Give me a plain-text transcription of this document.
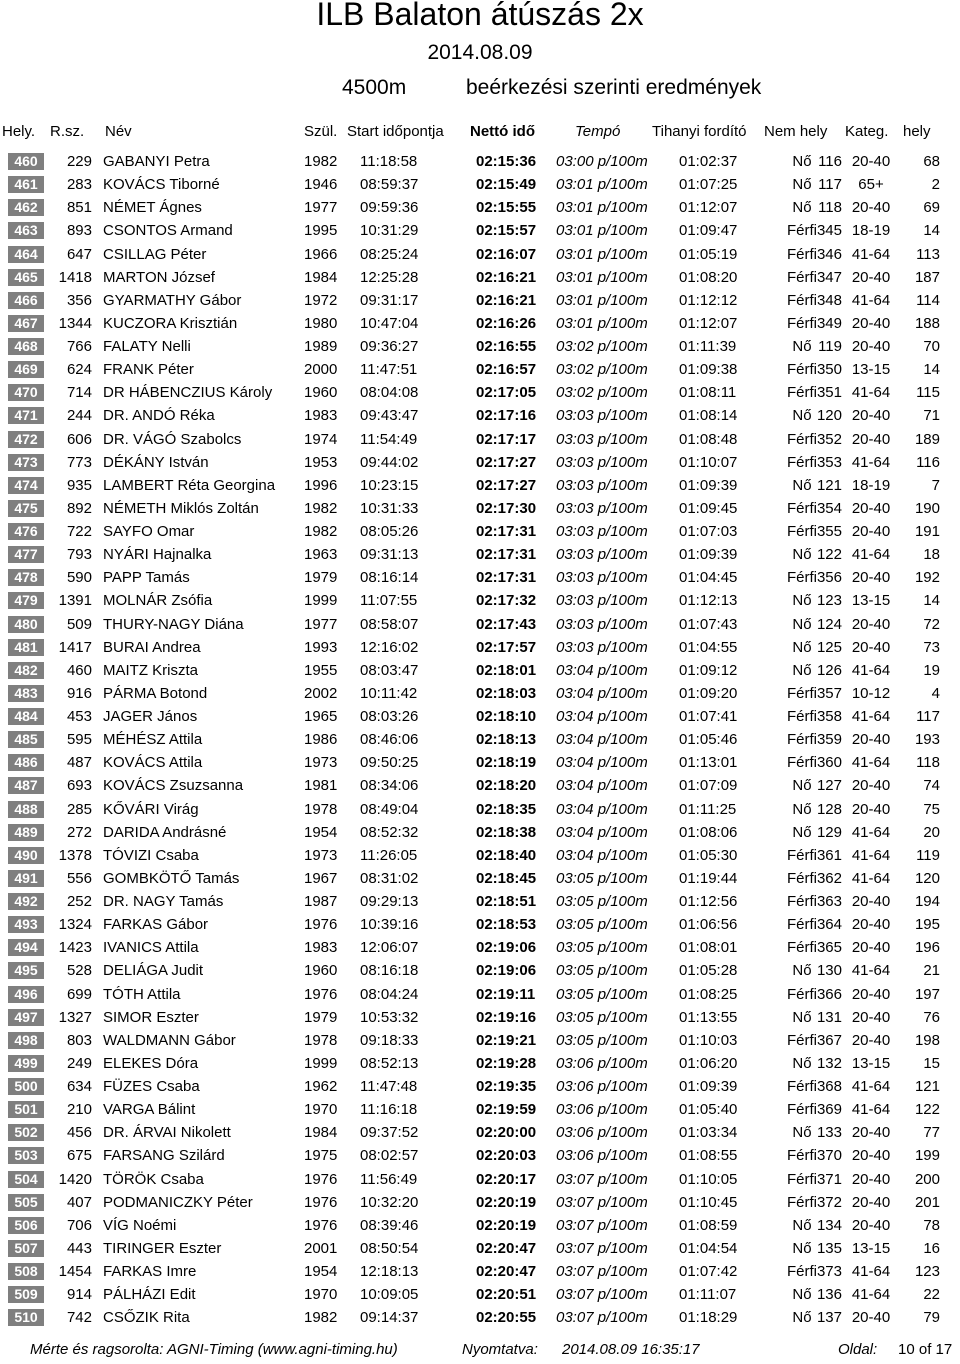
ILB Balaton átúszás 2x
2014.08.09
4500m	beérkezési szerinti eredmények
Hely. R.sz. Név	Szül. Start időpontja Nettó idő	Tempó Tihanyi fordító Nem hely Kateg. hely
460	229 GABANYI Petra	1982 11:18:58	02:15:36 03:00 p/100m 01:02:37	Nő 116 20-40	68
461	283 KOVÁCS Tiborné	1946 08:59:37	02:15:49 03:01 p/100m 01:07:25	Nő 117	65+	2
462	851 NÉMET Ágnes	1977 09:59:36	02:15:55 03:01 p/100m 01:12:07	Nő 118 20-40	69
463	893 CSONTOS Armand	1995 10:31:29	02:15:57 03:01 p/100m 01:09:47	Férfi 345 18-19	14
464	647 CSILLAG Péter	1966 08:25:24	02:16:07 03:01 p/100m 01:05:19	Férfi 346 41-64	113
465	1418 MARTON József	1984 12:25:28	02:16:21 03:01 p/100m 01:08:20	Férfi 347 20-40	187
466	356 GYARMATHY Gábor	1972 09:31:17	02:16:21 03:01 p/100m 01:12:12	Férfi 348 41-64	114
467	1344 KUCZORA Krisztián	1980 10:47:04	02:16:26 03:01 p/100m 01:12:07	Férfi 349 20-40	188
468	766 FALATY Nelli	1989 09:36:27	02:16:55 03:02 p/100m 01:11:39	Nő 119 20-40	70
469	624 FRANK Péter	2000 11:47:51	02:16:57 03:02 p/100m 01:09:38	Férfi 350 13-15	14
470	714 DR HÁBENCZIUS Károly 1960 08:04:08	02:17:05 03:02 p/100m 01:08:11	Férfi 351 41-64	115
471	244 DR. ANDÓ Réka	1983 09:43:47	02:17:16 03:03 p/100m 01:08:14	Nő 120 20-40	71
472	606 DR. VÁGÓ Szabolcs	1974 11:54:49	02:17:17 03:03 p/100m 01:08:48	Férfi 352 20-40	189
473	773 DÉKÁNY István	1953 09:44:02	02:17:27 03:03 p/100m 01:10:07	Férfi 353 41-64	116
474	935 LAMBERT Réta Georgina 1996 10:23:15	02:17:27 03:03 p/100m 01:09:39	Nő 121 18-19	7
475	892 NÉMETH Miklós Zoltán	1982 10:31:33	02:17:30 03:03 p/100m 01:09:45	Férfi 354 20-40	190
476	722 SAYFO Omar	1982 08:05:26	02:17:31 03:03 p/100m 01:07:03	Férfi 355 20-40	191
477	793 NYÁRI Hajnalka	1963 09:31:13	02:17:31 03:03 p/100m 01:09:39	Nő 122 41-64	18
478	590 PAPP Tamás	1979 08:16:14	02:17:31 03:03 p/100m 01:04:45	Férfi 356 20-40	192
479	1391 MOLNÁR Zsófia	1999 11:07:55	02:17:32 03:03 p/100m 01:12:13	Nő 123 13-15	14
480	509 THURY-NAGY Diána	1977 08:58:07	02:17:43 03:03 p/100m 01:07:43	Nő 124 20-40	72
481	1417 BURAI Andrea	1993 12:16:02	02:17:57 03:03 p/100m 01:04:55	Nő 125 20-40	73
482	460 MAITZ Kriszta	1955 08:03:47	02:18:01 03:04 p/100m 01:09:12	Nő 126 41-64	19
483	916 PÁRMA Botond	2002 10:11:42	02:18:03 03:04 p/100m 01:09:20	Férfi 357 10-12	4
484	453 JAGER János	1965 08:03:26	02:18:10 03:04 p/100m 01:07:41	Férfi 358 41-64	117
485	595 MÉHÉSZ Attila	1986 08:46:06	02:18:13 03:04 p/100m 01:05:46	Férfi 359 20-40	193
486	487 KOVÁCS Attila	1973 09:50:25	02:18:19 03:04 p/100m 01:13:01	Férfi 360 41-64	118
487	693 KOVÁCS Zsuzsanna	1981 08:34:06	02:18:20 03:04 p/100m 01:07:09	Nő 127 20-40	74
488	285 KŐVÁRI Virág	1978 08:49:04	02:18:35 03:04 p/100m 01:11:25	Nő 128 20-40	75
489	272 DARIDA Andrásné	1954 08:52:32	02:18:38 03:04 p/100m 01:08:06	Nő 129 41-64	20
490	1378 TÓVIZI Csaba	1973 11:26:05	02:18:40 03:04 p/100m 01:05:30	Férfi 361 41-64	119
491	556 GOMBKÖTŐ Tamás	1967 08:31:02	02:18:45 03:05 p/100m 01:19:44	Férfi 362 41-64	120
492	252 DR. NAGY Tamás	1987 09:29:13	02:18:51 03:05 p/100m 01:12:56	Férfi 363 20-40	194
493	1324 FARKAS Gábor	1976 10:39:16	02:18:53 03:05 p/100m 01:06:56	Férfi 364 20-40	195
494	1423 IVANICS Attila	1983 12:06:07	02:19:06 03:05 p/100m 01:08:01	Férfi 365 20-40	196
495	528 DELIÁGA Judit	1960 08:16:18	02:19:06 03:05 p/100m 01:05:28	Nő 130 41-64	21
496	699 TÓTH Attila	1976 08:04:24	02:19:11 03:05 p/100m 01:08:25	Férfi 366 20-40	197
497	1327 SIMOR Eszter	1979 10:53:32	02:19:16 03:05 p/100m 01:13:55	Nő 131 20-40	76
498	803 WALDMANN Gábor	1978 09:18:33	02:19:21 03:05 p/100m 01:10:03	Férfi 367 20-40	198
499	249 ELEKES Dóra	1999 08:52:13	02:19:28 03:06 p/100m 01:06:20	Nő 132 13-15	15
500	634 FÜZES Csaba	1962 11:47:48	02:19:35 03:06 p/100m 01:09:39	Férfi 368 41-64	121
501	210 VARGA Bálint	1970 11:16:18	02:19:59 03:06 p/100m 01:05:40	Férfi 369 41-64	122
502	456 DR. ÁRVAI Nikolett	1984 09:37:52	02:20:00 03:06 p/100m 01:03:34	Nő 133 20-40	77
503	675 FARSANG Szilárd	1975 08:02:57	02:20:03 03:06 p/100m 01:08:55	Férfi 370 20-40	199
504	1420 TÖRÖK Csaba	1976 11:56:49	02:20:17 03:07 p/100m 01:10:05	Férfi 371 20-40	200
505	407 PODMANICZKY Péter	1976 10:32:20	02:20:19 03:07 p/100m 01:10:45	Férfi 372 20-40	201
506	706 VÍG Noémi	1976 08:39:46	02:20:19 03:07 p/100m 01:08:59	Nő 134 20-40	78
507	443 TIRINGER Eszter	2001 08:50:54	02:20:47 03:07 p/100m 01:04:54	Nő 135 13-15	16
508	1454 FARKAS Imre	1954 12:18:13	02:20:47 03:07 p/100m 01:07:42	Férfi 373 41-64	123
509	914 PÁLHÁZI Edit	1970 10:09:05	02:20:51 03:07 p/100m 01:11:07	Nő 136 41-64	22
510	742 CSŐZIK Rita	1982 09:14:37	02:20:55 03:07 p/100m 01:18:29	Nő 137 20-40	79
Mérte és ragsorolta: AGNI-Timing (www.agni-timing.hu)	Nyomtatva: 2014.08.09 16:35:17	Oldal: 10 of 17
